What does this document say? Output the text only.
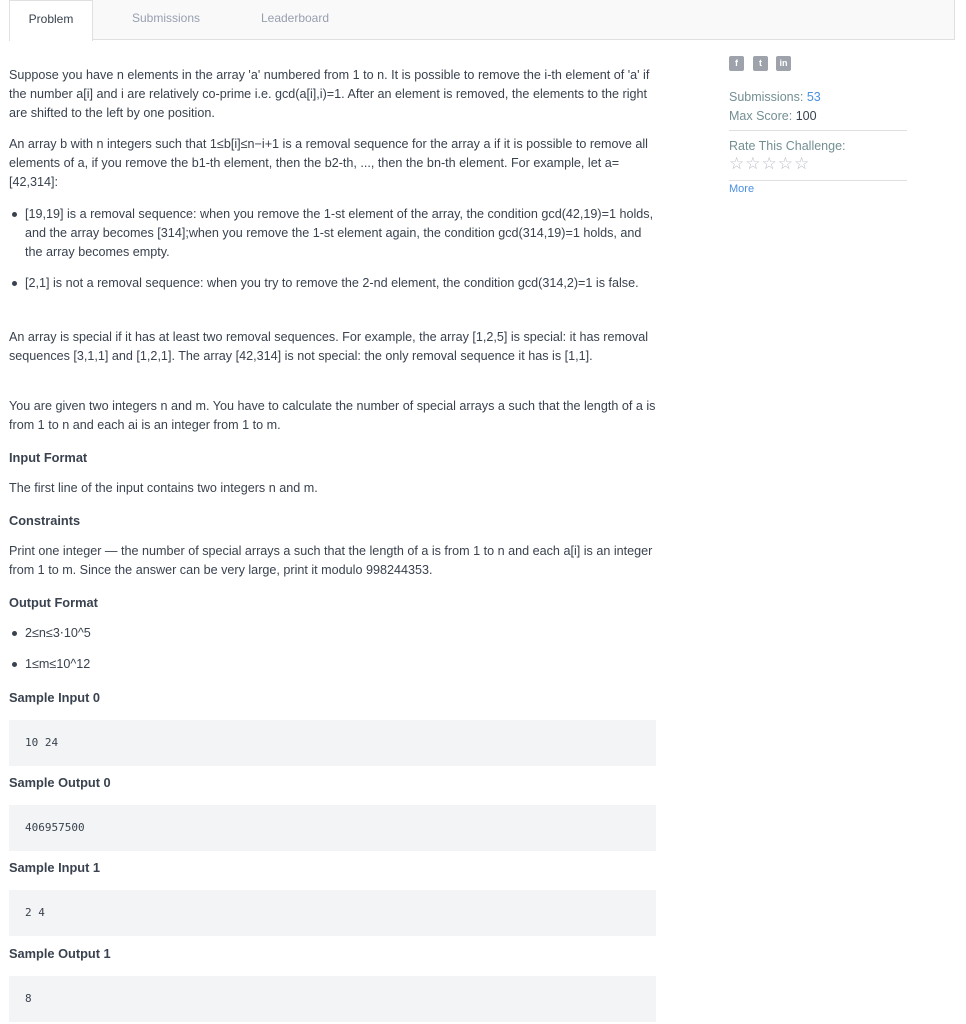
Problem	Submissions	Leaderboard

Suppose you have n elements in the array 'a' numbered from 1 to n. It is possible to remove the i-th element of 'a' if the number a[i] and i are relatively co-prime i.e. gcd(a[i],i)=1. After an element is removed, the elements to the right are shifted to the left by one position.

An array b with n integers such that 1≤b[i]≤n−i+1 is a removal sequence for the array a if it is possible to remove all elements of a, if you remove the b1-th element, then the b2-th, ..., then the bn-th element. For example, let a=[42,314]:

[19,19] is a removal sequence: when you remove the 1-st element of the array, the condition gcd(42,19)=1 holds, and the array becomes [314];when you remove the 1-st element again, the condition gcd(314,19)=1 holds, and the array becomes empty.
[2,1] is not a removal sequence: when you try to remove the 2-nd element, the condition gcd(314,2)=1 is false.

An array is special if it has at least two removal sequences. For example, the array [1,2,5] is special: it has removal sequences [3,1,1] and [1,2,1]. The array [42,314] is not special: the only removal sequence it has is [1,1].

You are given two integers n and m. You have to calculate the number of special arrays a such that the length of a is from 1 to n and each ai is an integer from 1 to m.

Input Format

The first line of the input contains two integers n and m.

Constraints

Print one integer — the number of special arrays a such that the length of a is from 1 to n and each a[i] is an integer from 1 to m. Since the answer can be very large, print it modulo 998244353.

Output Format
2≤n≤3⋅10^5
1≤m≤10^12
Sample Input 0
10 24
Sample Output 0
406957500
Sample Input 1
2 4
Sample Output 1
8
f	t	in
Submissions: 53
Max Score: 100
Rate This Challenge:
☆☆☆☆☆
More
